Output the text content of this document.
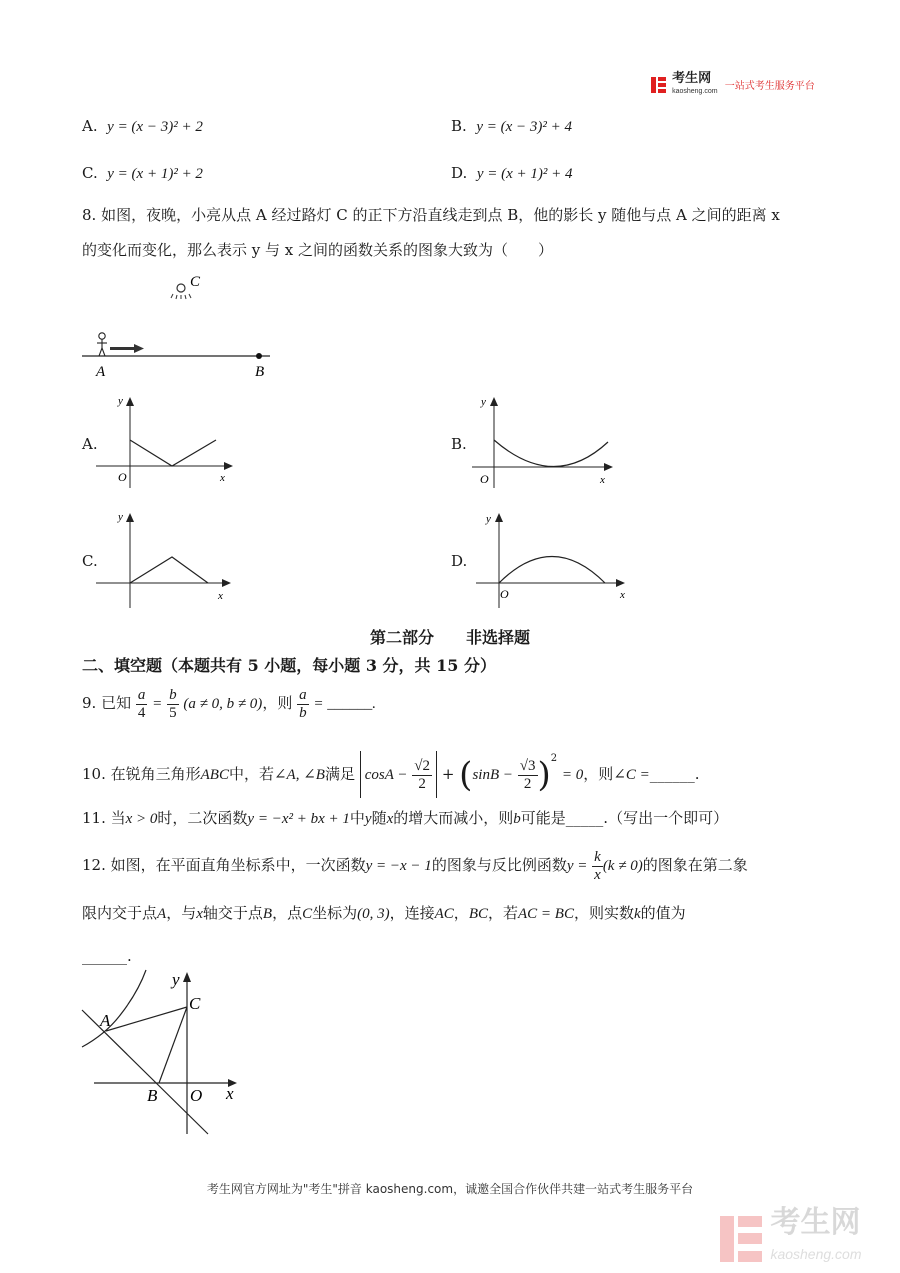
考生网
kaosheng.com 一站式考生服务平台
A. y = (x − 3)² + 2	B. y = (x − 3)² + 4
C. y = (x + 1)² + 2	D. y = (x + 1)² + 4
8. 如图，夜晚，小亮从点 A 经过路灯 C 的正下方沿直线走到点 B，他的影长 y 随他与点 A 之间的距离 x
的变化而变化，那么表示 y 与 x 之间的函数关系的图象大致为（　　）
C
A	B
A.
y
x
O
B.
y
x
O
C.
y
x
D.
y
x
O
第二部分　　非选择题
二、填空题（本题共有 5 小题，每小题 3 分，共 15 分）
9. 已知 $\frac{a}{4} = \frac{b}{5} (a \ne 0$, b ≠ 0)，则 $\frac{a}{b}$ = ______.
10. 在锐角三角形ABC中，若∠A, ∠B满足 $\cos A - \frac{√2}{2} + (\sin B - \frac{√3}{2} )^2 = 0$，则∠C =______.
11. 当x > 0时，二次函数y = −x² + bx + 1中y随x的增大而减小，则b可能是_____.（写出一个即可）
12. 如图，在平面直角坐标系中，一次函数y = −x − 1的图象与反比例函数$y = \frac{k}{x} (k \ne 0)$的图象在第二象
限内交于点A，与x轴交于点B，点C坐标为(0, 3)，连接AC，BC，若AC = BC，则实数k的值为
______.
y
x
O
A
B
C
考生网官方网址为"考生"拼音 kaosheng.com，诚邀全国合作伙伴共建一站式考生服务平台
考生网
kaosheng.com
